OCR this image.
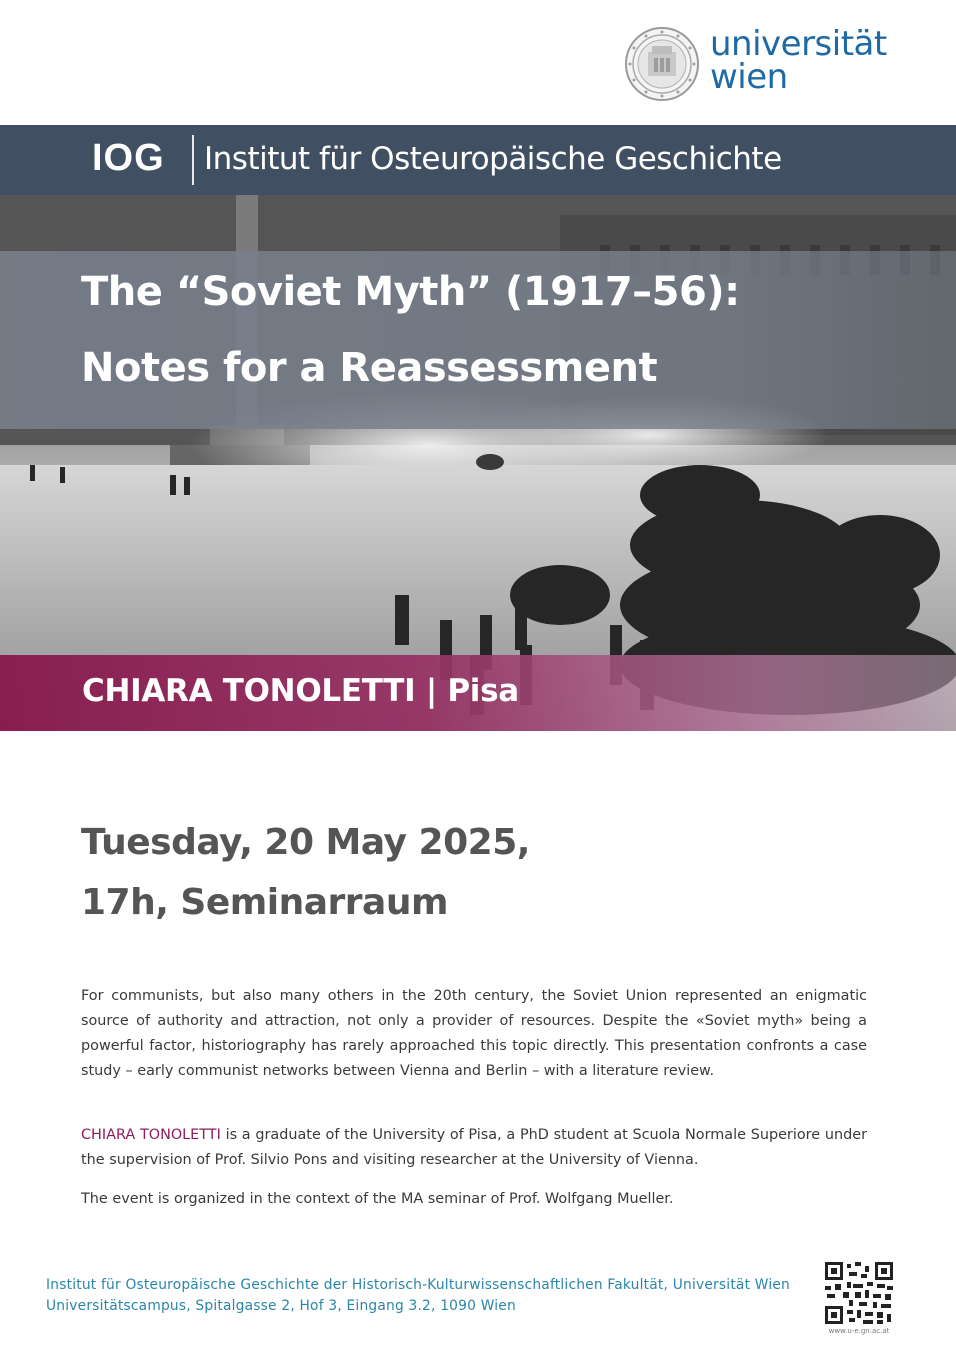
universität
wien
IOG Institut für Osteuropäische Geschichte
The “Soviet Myth” (1917–56):
Notes for a Reassessment
CHIARA TONOLETTI | Pisa
Tuesday, 20 May 2025,
17h, Seminarraum

For communists, but also many others in the 20th century, the Soviet Union represented an enigmatic source of authority and attraction, not only a provider of resources. Despite the «Soviet myth» being a powerful factor, historiography has rarely approached this topic directly. This presentation confronts a case study – early communist networks between Vienna and Berlin – with a literature review.

CHIARA TONOLETTI is a graduate of the University of Pisa, a PhD student at Scuola Normale Superiore under the supervision of Prof. Silvio Pons and visiting researcher at the University of Vienna.

The event is organized in the context of the MA seminar of Prof. Wolfgang Mueller.

Institut für Osteuropäische Geschichte der Historisch-Kulturwissenschaftlichen Fakultät, Universität Wien
Universitätscampus, Spitalgasse 2, Hof 3, Eingang 3.2, 1090 Wien
www.u-e.gn.ac.at
